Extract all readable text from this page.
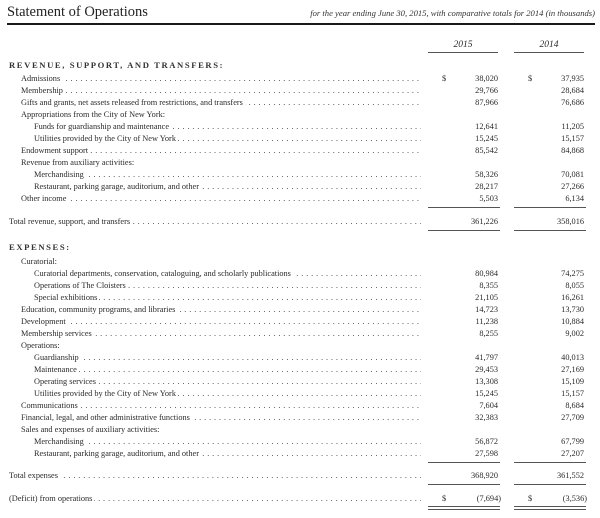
Statement of Operations	for the year ending June 30, 2015, with comparative totals for 2014 (in thousands)
2015	2014
REVENUE, SUPPORT, AND TRANSFERS:
Admissions . . .	$	38,020	$	37,935
Membership . . .	29,766	28,684
Gifts and grants, net assets released from restrictions, and transfers . . .	87,966	76,686
Appropriations from the City of New York:
Funds for guardianship and maintenance . . .	12,641	11,205
Utilities provided by the City of New York . . .	15,245	15,157
Endowment support . . .	85,542	84,868
Revenue from auxiliary activities:
Merchandising . . .	58,326	70,081
Restaurant, parking garage, auditorium, and other . . .	28,217	27,266
Other income . . .	5,503	6,134
Total revenue, support, and transfers . . .	361,226	358,016
EXPENSES:
Curatorial:
Curatorial departments, conservation, cataloguing, and scholarly publications . . .	80,984	74,275
Operations of The Cloisters . . .	8,355	8,055
Special exhibitions . . .	21,105	16,261
Education, community programs, and libraries . . .	14,723	13,730
Development . . .	11,238	10,884
Membership services . . .	8,255	9,002
Operations:
Guardianship . . .	41,797	40,013
Maintenance . . .	29,453	27,169
Operating services . . .	13,308	15,109
Utilities provided by the City of New York . . .	15,245	15,157
Communications . . .	7,604	8,684
Financial, legal, and other administrative functions . . .	32,383	27,709
Sales and expenses of auxiliary activities:
Merchandising . . .	56,872	67,799
Restaurant, parking garage, auditorium, and other . . .	27,598	27,207
Total expenses . . .	368,920	361,552
(Deficit) from operations . . .	$	(7,694)	$	(3,536)
